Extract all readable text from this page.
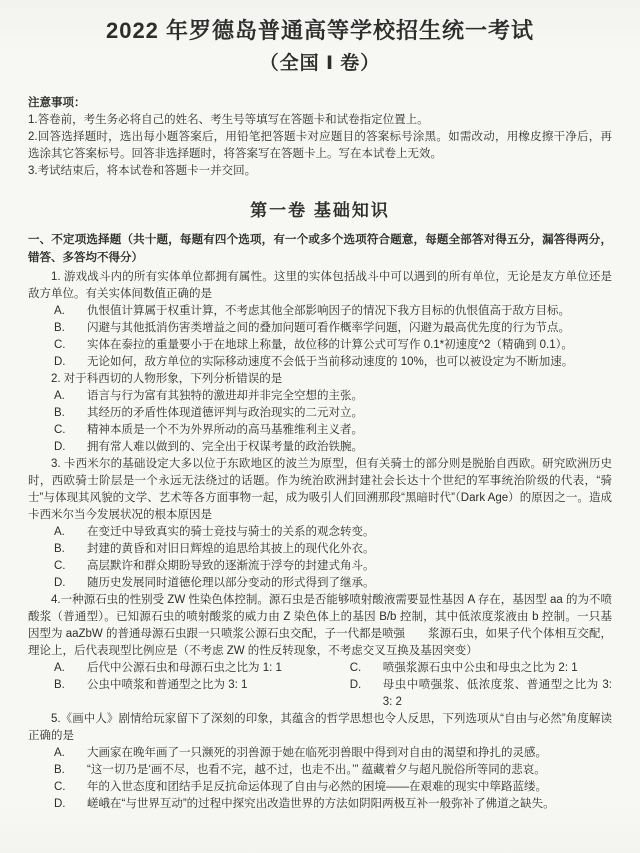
2022 年罗德岛普通高等学校招生统一考试
（全国 Ⅰ 卷）
注意事项：
1.答卷前，考生务必将自己的姓名、考生号等填写在答题卡和试卷指定位置上。
2.回答选择题时，选出每小题答案后，用铅笔把答题卡对应题目的答案标号涂黑。如需改动，用橡皮擦干净后，再选涂其它答案标号。回答非选择题时，将答案写在答题卡上。写在本试卷上无效。
3.考试结束后，将本试卷和答题卡一并交回。
第一卷 基础知识
一、不定项选择题（共十题，每题有四个选项，有一个或多个选项符合题意，每题全部答对得五分，漏答得两分，错答、多答均不得分）

1. 游戏战斗内的所有实体单位都拥有属性。这里的实体包括战斗中可以遇到的所有单位，无论是友方单位还是敌方单位。有关实体间数值正确的是

A.	仇恨值计算属于权重计算，不考虑其他全部影响因子的情况下我方目标的仇恨值高于敌方目标。
B.	闪避与其他抵消伤害类增益之间的叠加问题可看作概率学问题，闪避为最高优先度的行为节点。
C.	实体在泰拉的重量要小于在地球上称量，故位移的计算公式可写作 0.1*初速度^2（精确到 0.1）。
D.	无论如何，敌方单位的实际移动速度不会低于当前移动速度的 10%，也可以被设定为不断加速。

2. 对于科西切的人物形象，下列分析错误的是

A.	语言与行为富有其独特的激进却并非完全空想的主张。
B.	其经历的矛盾性体现道德评判与政治现实的二元对立。
C.	精神本质是一个不为外界所动的高马基雅维利主义者。
D.	拥有常人难以做到的、完全出于权谋考量的政治铁腕。

3. 卡西米尔的基础设定大多以位于东欧地区的波兰为原型，但有关骑士的部分则是脱胎自西欧。研究欧洲历史时，西欧骑士阶层是一个永远无法绕过的话题。作为统治欧洲封建社会长达十个世纪的军事统治阶级的代表，“骑士”与体现其风貌的文学、艺术等各方面事物一起，成为吸引人们回溯那段“黑暗时代”（Dark Age）的原因之一。造成卡西米尔当今发展状况的根本原因是

A.	在变迁中导致真实的骑士竞技与骑士的关系的观念转变。
B.	封建的黄昏和对旧日辉煌的追思给其披上的现代化外衣。
C.	高层默许和群众期盼导致的逐渐流于浮夸的封建式角斗。
D.	随历史发展同时道德伦理以部分变动的形式得到了继承。

4.一种源石虫的性别受 ZW 性染色体控制。源石虫是否能够喷射酸液需要显性基因 A 存在，基因型 aa 的为不喷酸浆（普通型）。已知源石虫的喷射酸浆的威力由 Z 染色体上的基因 B/b 控制，其中低浓度浆液由 b 控制。一只基因型为 aaZbW 的普通母源石虫跟一只喷浆公源石虫交配，子一代都是喷强　　浆源石虫，如果子代个体相互交配，理论上，后代表现型比例应是（不考虑 ZW 的性反转现象，不考虑交叉互换及基因突变）

A.	后代中公源石虫和母源石虫之比为 1: 1	C.	喷强浆源石虫中公虫和母虫之比为 2: 1
B.	公虫中喷浆和普通型之比为 3: 1	D.	母虫中喷强浆、低浓度浆、普通型之比为 3: 3: 2

5.《画中人》剧情给玩家留下了深刻的印象，其蕴含的哲学思想也令人反思，下列选项从“自由与必然”角度解读正确的是

A.	大画家在晚年画了一只濒死的羽兽源于她在临死羽兽眼中得到对自由的渴望和挣扎的灵感。
B.	“这一切乃是‘画不尽，也看不完，越不过，也走不出。’” 蕴藏着夕与超凡脱俗所等同的悲哀。
C.	年的入世态度和团结手足反抗命运体现了自由与必然的困境——在艰难的现实中筚路蓝缕。
D.	嵯峨在“与世界互动”的过程中探究出改造世界的方法如阴阳两极互补一般弥补了佛道之缺失。
